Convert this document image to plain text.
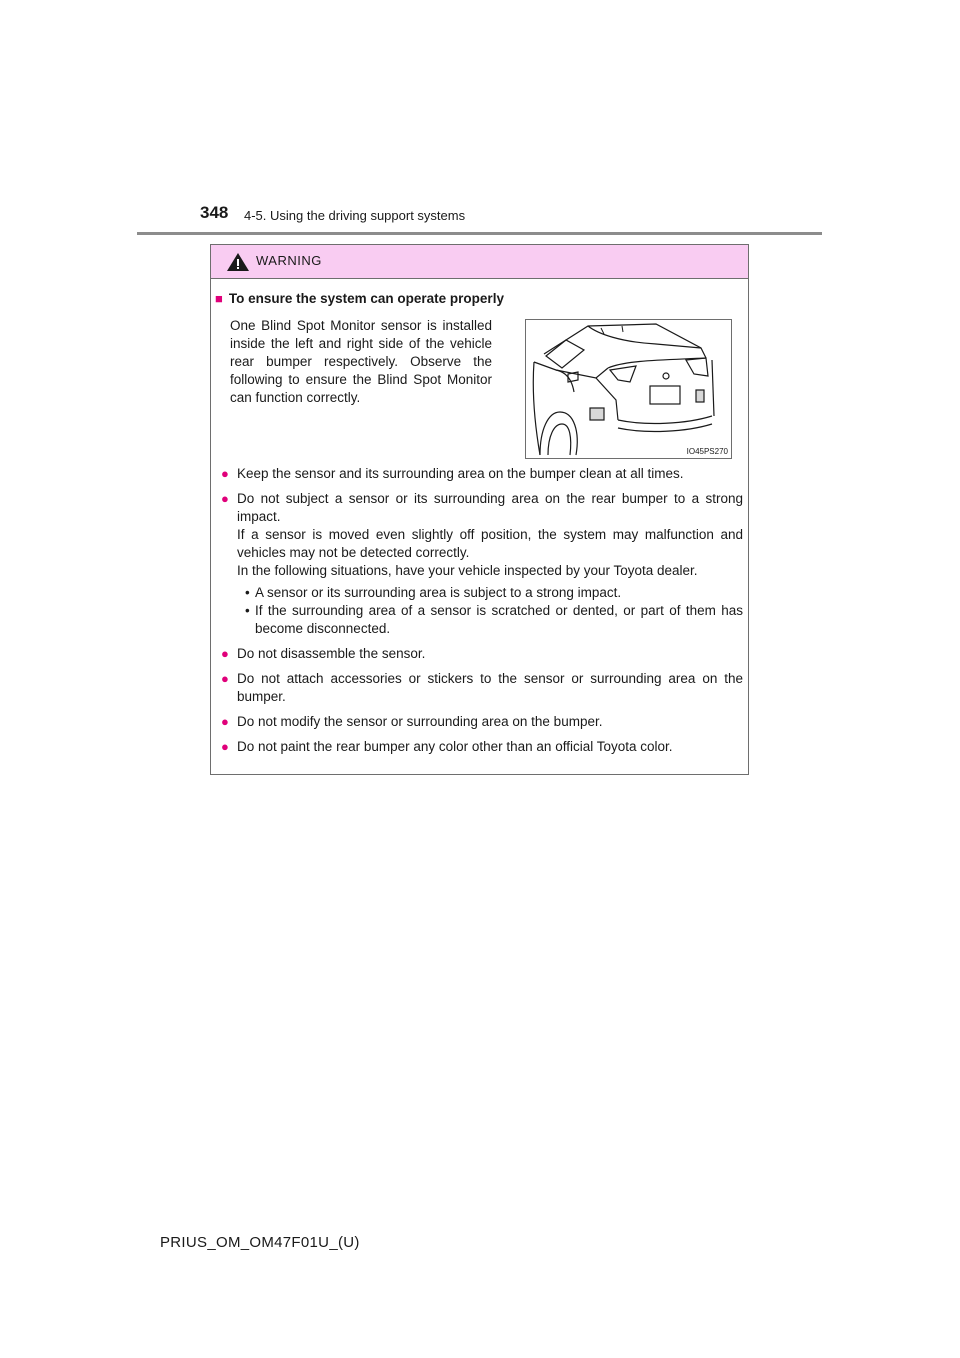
348 4-5. Using the driving support systems
WARNING
■ To ensure the system can operate properly
One Blind Spot Monitor sensor is installed inside the left and right side of the vehicle rear bumper respectively. Observe the following to ensure the Blind Spot Monitor can function correctly.
IO45PS270
● Keep the sensor and its surrounding area on the bumper clean at all times.

● Do not subject a sensor or its surrounding area on the rear bumper to a strong impact.

If a sensor is moved even slightly off position, the system may malfunction and vehicles may not be detected correctly.

In the following situations, have your vehicle inspected by your Toyota dealer.

• A sensor or its surrounding area is subject to a strong impact.
• If the surrounding area of a sensor is scratched or dented, or part of them has become disconnected.
● Do not disassemble the sensor.

● Do not attach accessories or stickers to the sensor or surrounding area on the bumper.

● Do not modify the sensor or surrounding area on the bumper.

● Do not paint the rear bumper any color other than an official Toyota color.

PRIUS_OM_OM47F01U_(U)
